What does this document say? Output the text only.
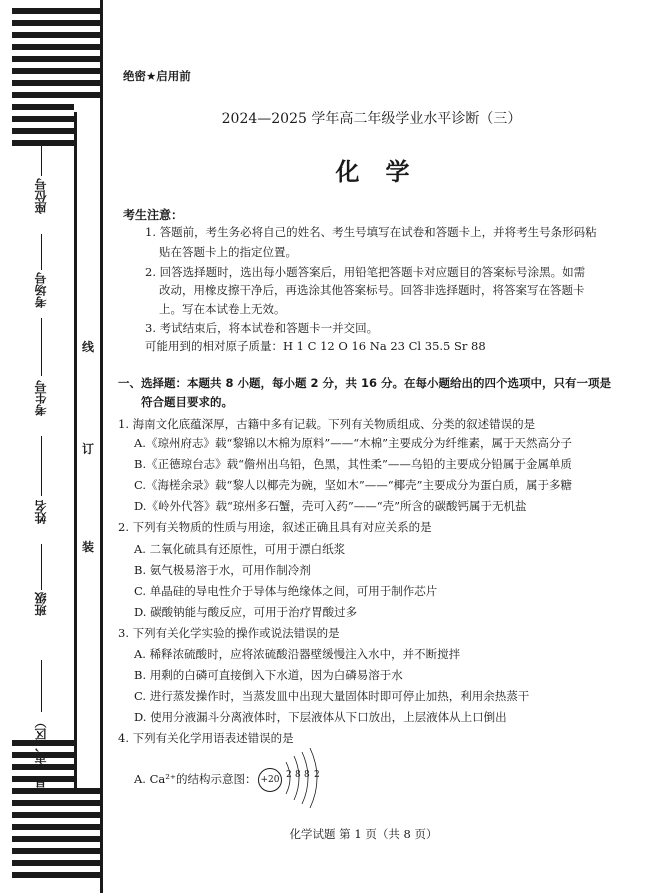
座位号
考场号
考生号
姓名
班级
县（市、区）
线
订
装
绝密★启用前
2024—2025 学年高二年级学业水平诊断（三）
化学
考生注意：
1. 答题前，考生务必将自己的姓名、考生号填写在试卷和答题卡上，并将考生号条形码粘
贴在答题卡上的指定位置。
2. 回答选择题时，选出每小题答案后，用铅笔把答题卡对应题目的答案标号涂黑。如需
改动，用橡皮擦干净后，再选涂其他答案标号。回答非选择题时，将答案写在答题卡
上。写在本试卷上无效。
3. 考试结束后，将本试卷和答题卡一并交回。
可能用到的相对原子质量：H 1 C 12 O 16 Na 23 Cl 35.5 Sr 88
一、选择题：本题共 8 小题，每小题 2 分，共 16 分。在每小题给出的四个选项中，只有一项是
符合题目要求的。
1. 海南文化底蕴深厚，古籍中多有记载。下列有关物质组成、分类的叙述错误的是
A.《琼州府志》载“黎锦以木棉为原料”——“木棉”主要成分为纤维素，属于天然高分子
B.《正德琼台志》载“儋州出乌铅，色黑，其性柔”——乌铅的主要成分铅属于金属单质
C.《海槎余录》载“黎人以椰壳为碗，坚如木”——“椰壳”主要成分为蛋白质，属于多糖
D.《岭外代答》载“琼州多石蟹，壳可入药”——“壳”所含的碳酸钙属于无机盐
2. 下列有关物质的性质与用途，叙述正确且具有对应关系的是
A. 二氧化硫具有还原性，可用于漂白纸浆
B. 氨气极易溶于水，可用作制冷剂
C. 单晶硅的导电性介于导体与绝缘体之间，可用于制作芯片
D. 碳酸钠能与酸反应，可用于治疗胃酸过多
3. 下列有关化学实验的操作或说法错误的是
A. 稀释浓硫酸时，应将浓硫酸沿器壁缓慢注入水中，并不断搅拌
B. 用剩的白磷可直接倒入下水道，因为白磷易溶于水
C. 进行蒸发操作时，当蒸发皿中出现大量固体时即可停止加热，利用余热蒸干
D. 使用分液漏斗分离液体时，下层液体从下口放出，上层液体从上口倒出
4. 下列有关化学用语表述错误的是
A. Ca²⁺的结构示意图： +20 2 8 8 2
化学试题 第 1 页（共 8 页）
